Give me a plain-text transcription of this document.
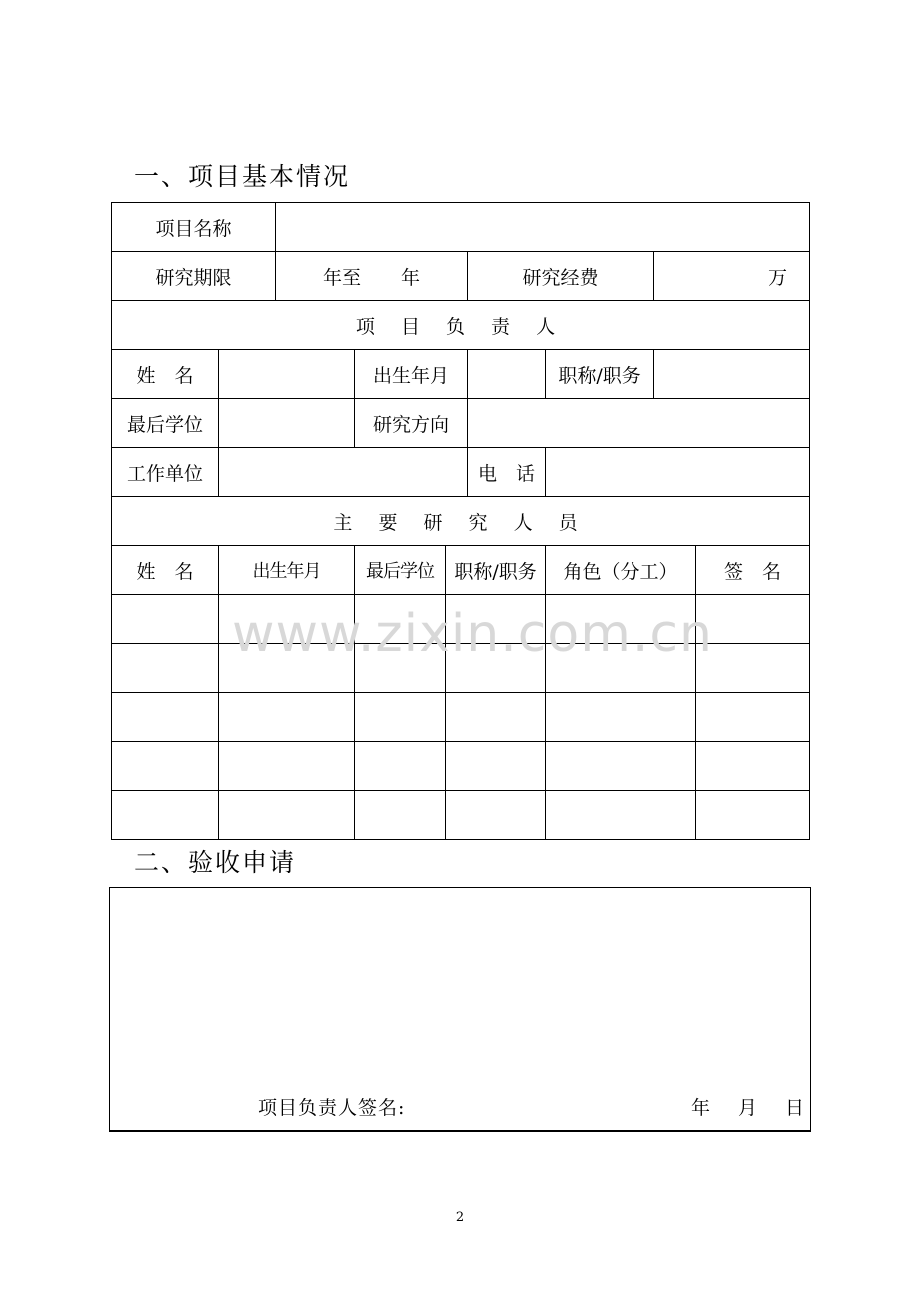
一、项目基本情况
项目名称								
研究期限		年至 年			研究经费		万	
项 目 负 责 人								
姓　名			出生年月			职称/职务		
最后学位			研究方向					
工作单位					电　话			
主 要 研 究 人 员								
姓　名	出生年月		最后学位	职称/职务		角色（分工）		签　名

www.zixin.com.cn
二、验收申请
项目负责人签名:	年 月 日
2
